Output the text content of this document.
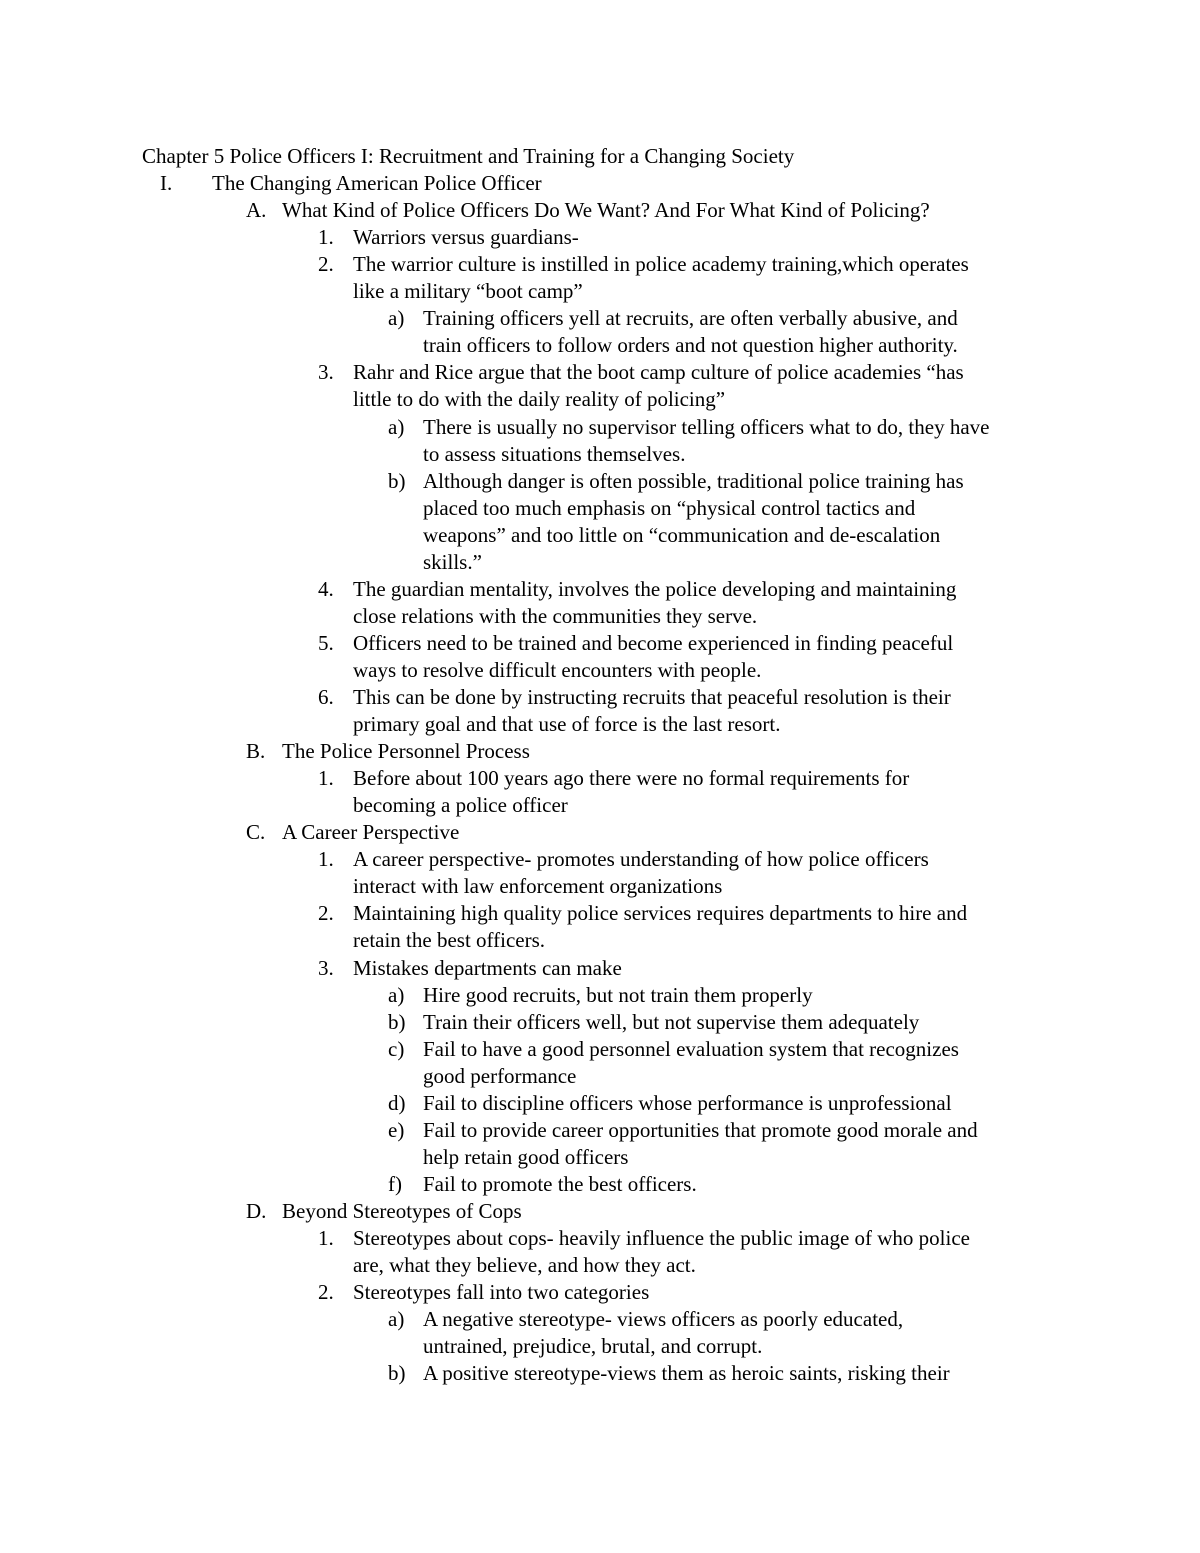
Chapter 5 Police Officers I: Recruitment and Training for a Changing Society
I. The Changing American Police Officer
A. What Kind of Police Officers Do We Want? And For What Kind of Policing?
1. Warriors versus guardians-
2. The warrior culture is instilled in police academy training,which operates
like a military “boot camp”
a) Training officers yell at recruits, are often verbally abusive, and
train officers to follow orders and not question higher authority.
3. Rahr and Rice argue that the boot camp culture of police academies “has
little to do with the daily reality of policing”
a) There is usually no supervisor telling officers what to do, they have
to assess situations themselves.
b) Although danger is often possible, traditional police training has
placed too much emphasis on “physical control tactics and
weapons” and too little on “communication and de-escalation
skills.”
4. The guardian mentality, involves the police developing and maintaining
close relations with the communities they serve.
5. Officers need to be trained and become experienced in finding peaceful
ways to resolve difficult encounters with people.
6. This can be done by instructing recruits that peaceful resolution is their
primary goal and that use of force is the last resort.
B. The Police Personnel Process
1. Before about 100 years ago there were no formal requirements for
becoming a police officer
C. A Career Perspective
1. A career perspective- promotes understanding of how police officers
interact with law enforcement organizations
2. Maintaining high quality police services requires departments to hire and
retain the best officers.
3. Mistakes departments can make
a) Hire good recruits, but not train them properly
b) Train their officers well, but not supervise them adequately
c) Fail to have a good personnel evaluation system that recognizes
good performance
d) Fail to discipline officers whose performance is unprofessional
e) Fail to provide career opportunities that promote good morale and
help retain good officers
f) Fail to promote the best officers.
D. Beyond Stereotypes of Cops
1. Stereotypes about cops- heavily influence the public image of who police
are, what they believe, and how they act.
2. Stereotypes fall into two categories
a) A negative stereotype- views officers as poorly educated,
untrained, prejudice, brutal, and corrupt.
b) A positive stereotype-views them as heroic saints, risking their
